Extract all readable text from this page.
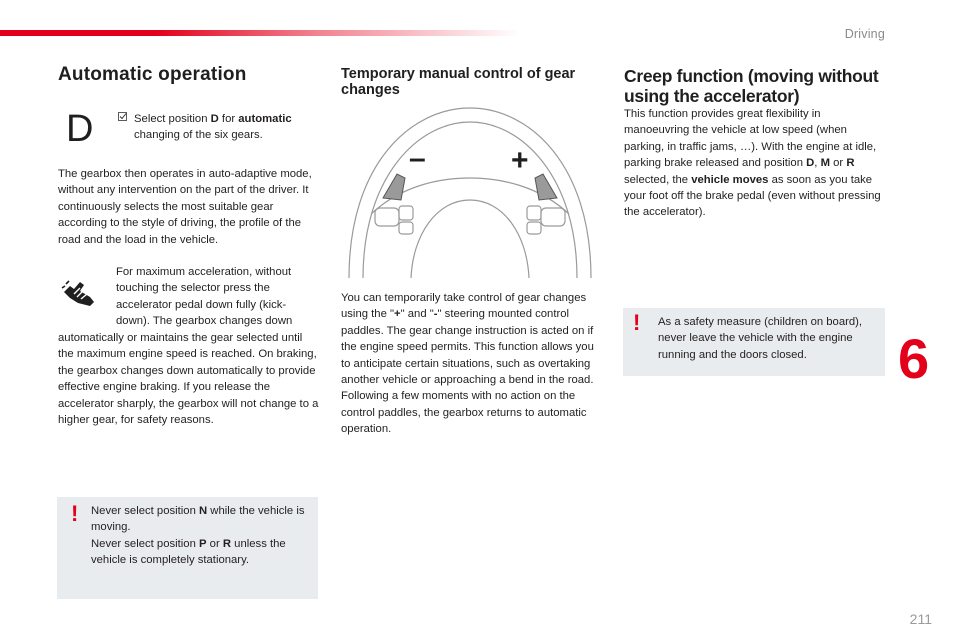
Driving
Automatic operation
D	Select position D for automatic changing of the six gears.
The gearbox then operates in auto-adaptive mode, without any intervention on the part of the driver. It continuously selects the most suitable gear according to the style of driving, the profile of the road and the load in the vehicle.
For maximum acceleration, without touching the selector press the accelerator pedal down fully (kick-down). The gearbox changes down
automatically or maintains the gear selected until the maximum engine speed is reached. On braking, the gearbox changes down automatically to provide effective engine braking. If you release the accelerator sharply, the gearbox will not change to a higher gear, for safety reasons.
! Never select position N while the vehicle is moving.
Never select position P or R unless the vehicle is completely stationary.
Temporary manual control of gear changes
–	+
You can temporarily take control of gear changes using the "+" and "-" steering mounted control paddles. The gear change instruction is acted on if the engine speed permits. This function allows you to anticipate certain situations, such as overtaking another vehicle or approaching a bend in the road. Following a few moments with no action on the control paddles, the gearbox returns to automatic operation.
Creep function (moving without using the accelerator)
This function provides great flexibility in manoeuvring the vehicle at low speed (when parking, in traffic jams, …). With the engine at idle, parking brake released and position D, M or R selected, the vehicle moves as soon as you take your foot off the brake pedal (even without pressing the accelerator).
! As a safety measure (children on board), never leave the vehicle with the engine running and the doors closed.	6
211
